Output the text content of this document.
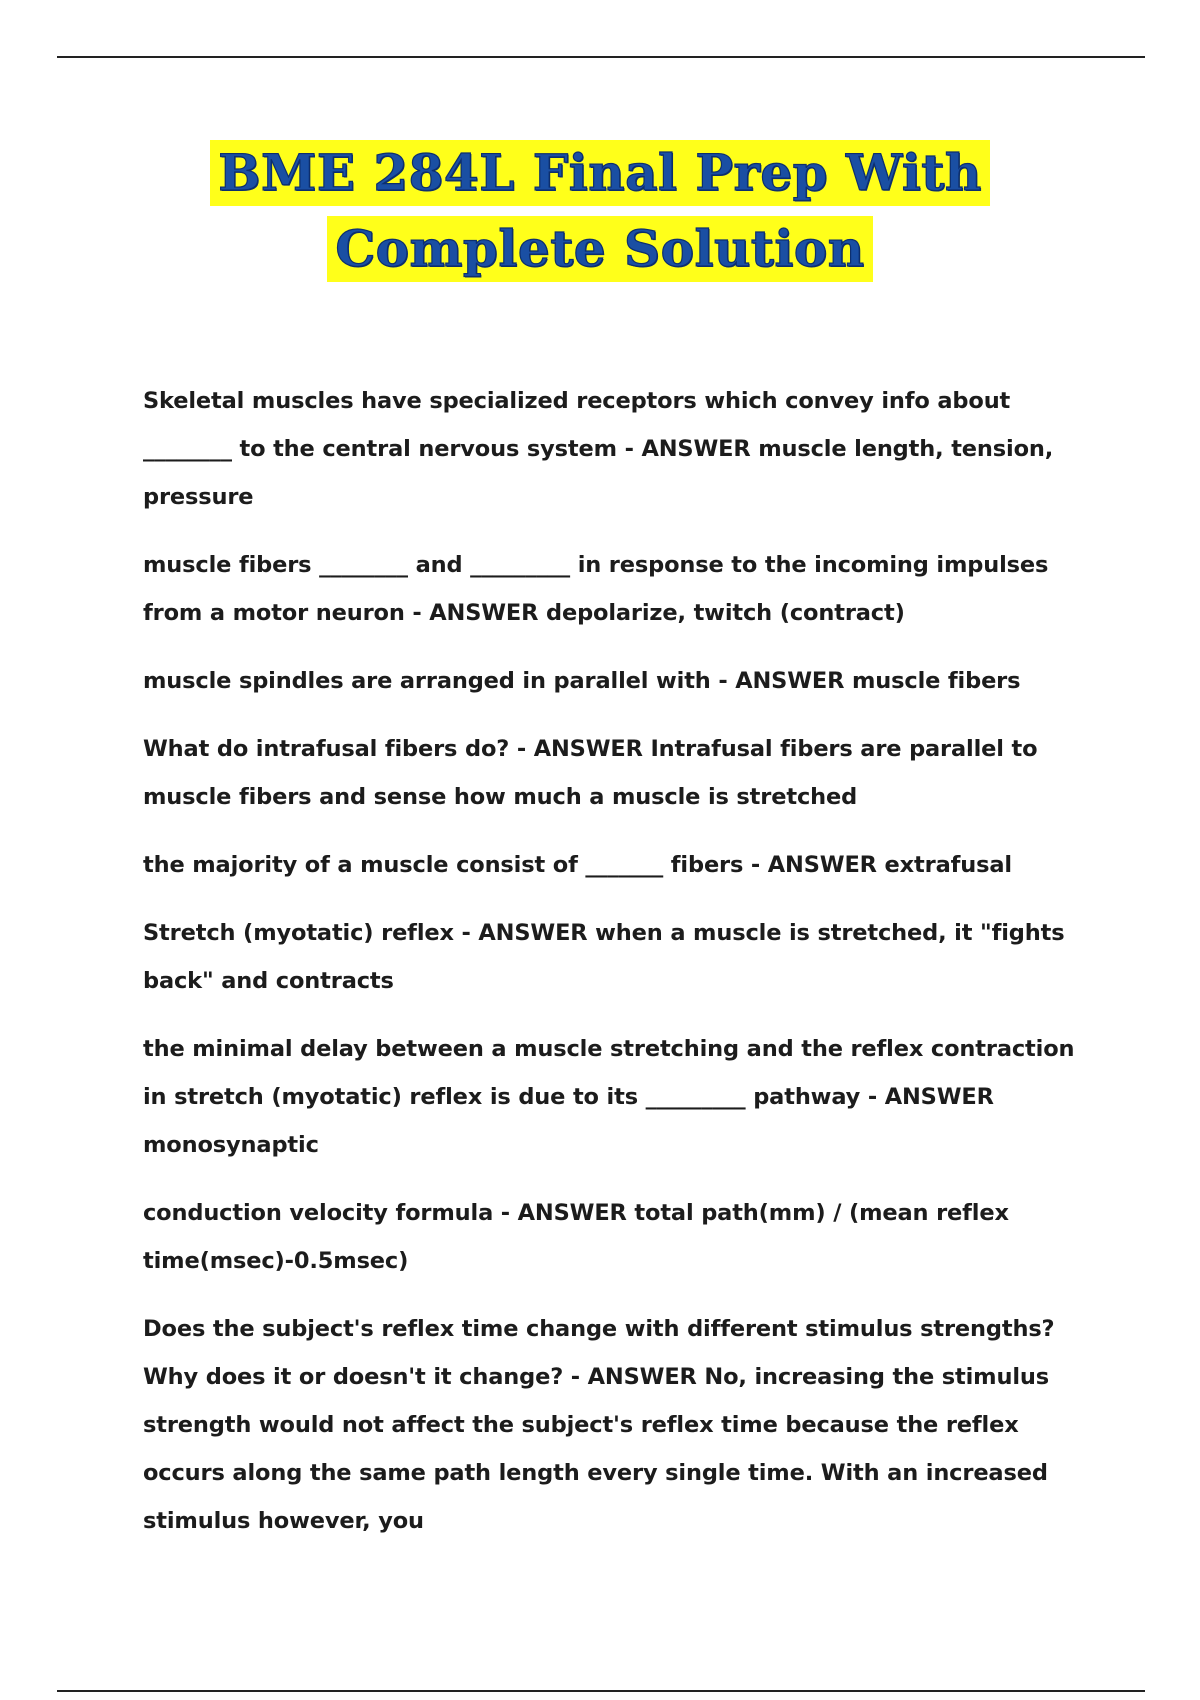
BME 284L Final Prep With
Complete Solution

Skeletal muscles have specialized receptors which convey info about ________ to the central nervous system - ANSWER muscle length, tension, pressure

muscle fibers ________ and _________ in response to the incoming impulses from a motor neuron - ANSWER depolarize, twitch (contract)

muscle spindles are arranged in parallel with - ANSWER muscle fibers

What do intrafusal fibers do? - ANSWER Intrafusal fibers are parallel to muscle fibers and sense how much a muscle is stretched

the majority of a muscle consist of _______ fibers - ANSWER extrafusal

Stretch (myotatic) reflex - ANSWER when a muscle is stretched, it "fights back" and contracts

the minimal delay between a muscle stretching and the reflex contraction in stretch (myotatic) reflex is due to its _________ pathway - ANSWER monosynaptic

conduction velocity formula - ANSWER total path(mm) / (mean reflex time(msec)-0.5msec)

Does the subject's reflex time change with different stimulus strengths? Why does it or doesn't it change? - ANSWER No, increasing the stimulus strength would not affect the subject's reflex time because the reflex occurs along the same path length every single time. With an increased stimulus however, you
